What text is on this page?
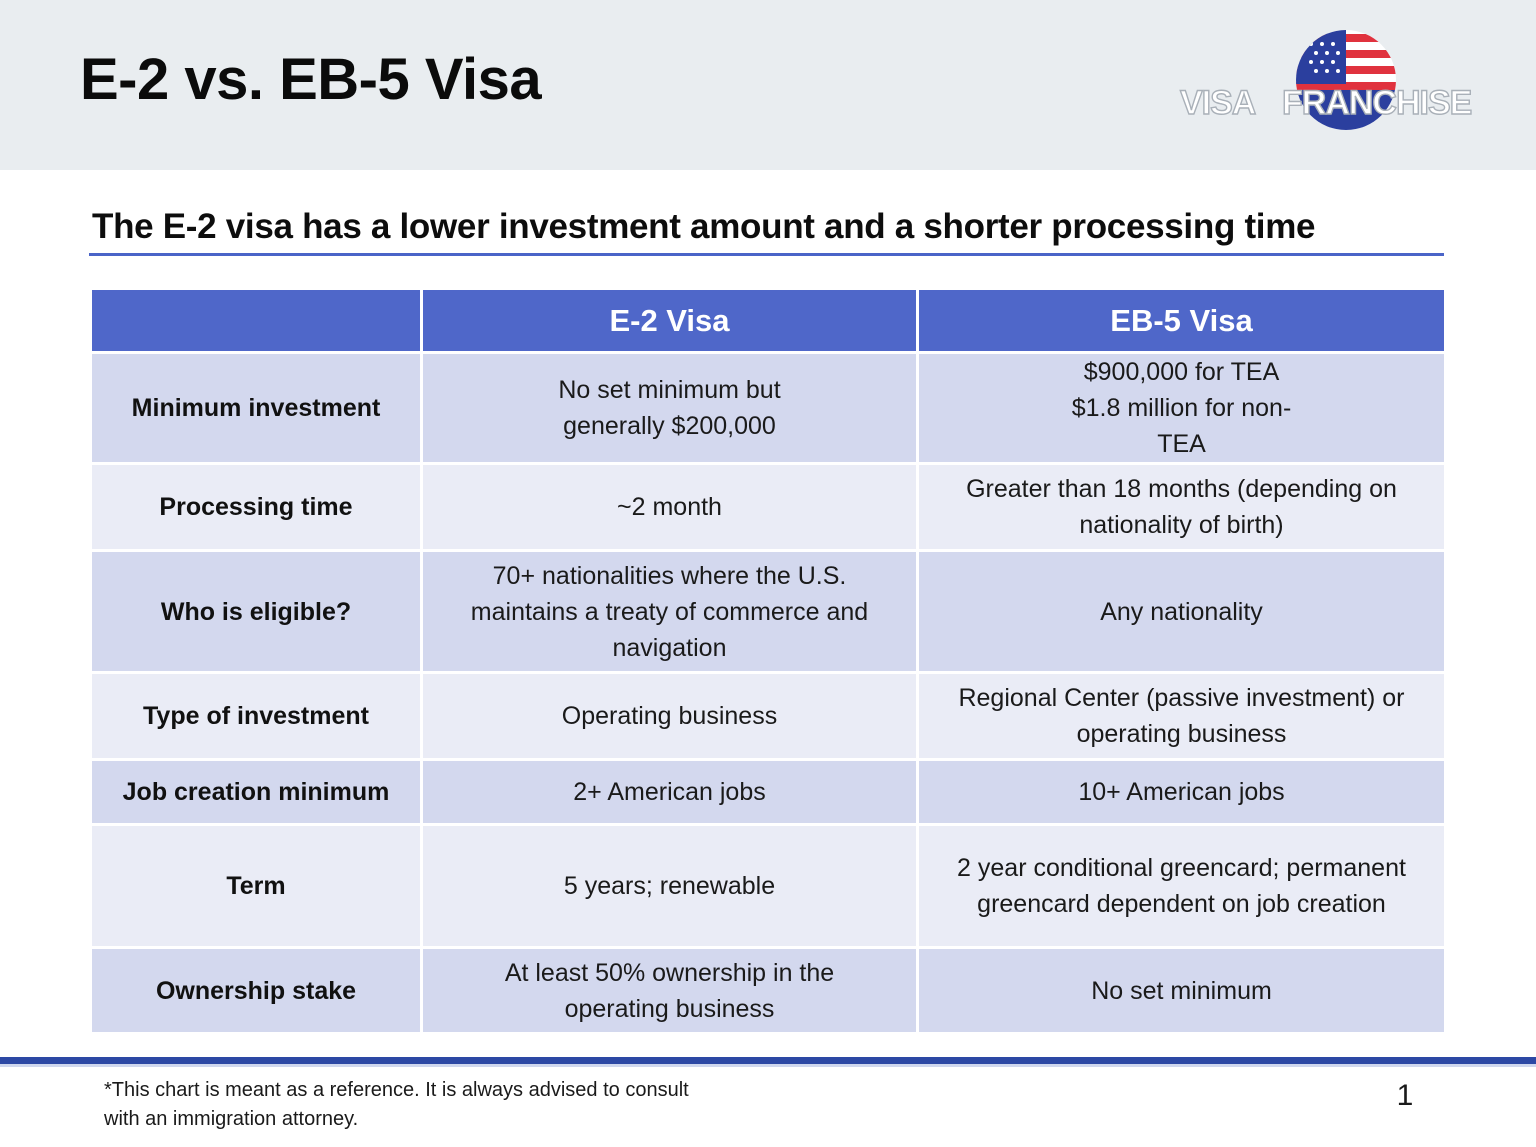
E-2 vs. EB-5 Visa	VISA FRANCHISE
The E-2 visa has a lower investment amount and a shorter processing time
	E-2 Visa	EB-5 Visa
Minimum investment	No set minimum but generally $200,000	$900,000 for TEA $1.8 million for non-TEA
Processing time	~2 month	Greater than 18 months (depending on nationality of birth)
Who is eligible?	70+ nationalities where the U.S. maintains a treaty of commerce and navigation	Any nationality
Type of investment	Operating business	Regional Center (passive investment) or operating business
Job creation minimum	2+ American jobs	10+ American jobs
Term	5 years; renewable	2 year conditional greencard; permanent greencard dependent on job creation
Ownership stake	At least 50% ownership in the operating business	No set minimum

*This chart is meant as a reference. It is always advised to consult with an immigration attorney.

1
